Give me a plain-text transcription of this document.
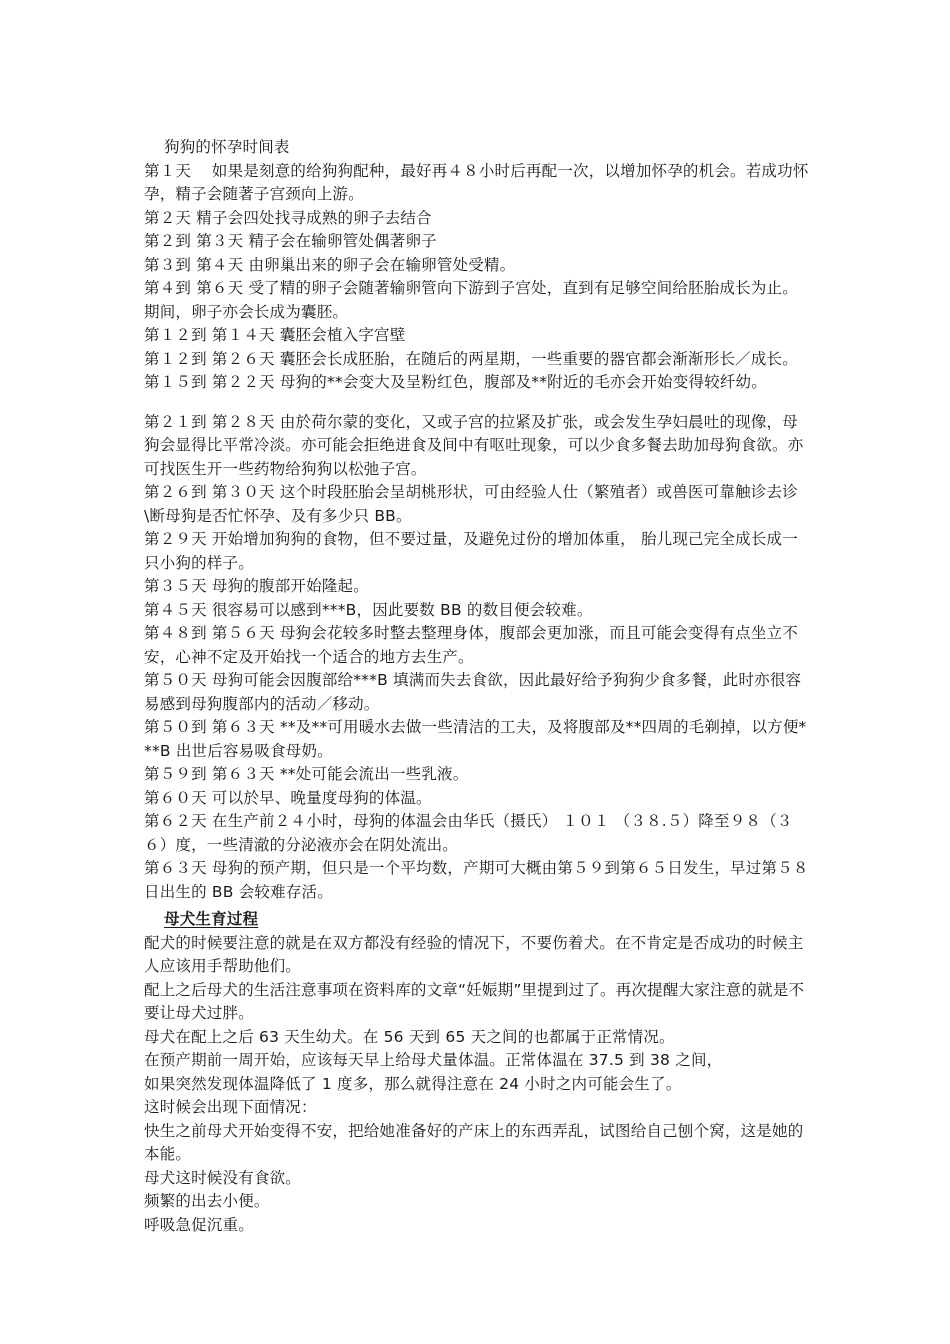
狗狗的怀孕时间表
第１天　 如果是刻意的给狗狗配种，最好再４８小时后再配一次，以增加怀孕的机会。若成功怀孕，精子会随著子宫颈向上游。
第２天 精子会四处找寻成熟的卵子去结合
第２到 第３天 精子会在输卵管处偶著卵子
第３到 第４天 由卵巢出来的卵子会在输卵管处受精。
第４到 第６天 受了精的卵子会随著输卵管向下游到子宫处，直到有足够空间给胚胎成长为止。期间，卵子亦会长成为囊胚。
第１２到 第１４天 囊胚会植入字宫壁
第１２到 第２６天 囊胚会长成胚胎，在随后的两星期，一些重要的器官都会渐渐形长／成长。
第１５到 第２２天 母狗的**会变大及呈粉红色，腹部及**附近的毛亦会开始变得较纤幼。
第２１到 第２８天 由於荷尔蒙的变化，又或子宫的拉紧及扩张，或会发生孕妇晨吐的现像，母狗会显得比平常冷淡。亦可能会拒绝进食及间中有呕吐现象，可以少食多餐去助加母狗食欲。亦可找医生开一些药物给狗狗以松弛子宫。
第２６到 第３０天 这个时段胚胎会呈胡桃形状，可由经验人仕（繁殖者）或兽医可靠触诊去诊\断母狗是否忙怀孕、及有多少只 BB。
第２９天 开始增加狗狗的食物，但不要过量，及避免过份的增加体重， 胎儿现己完全成长成一只小狗的样子。
第３５天 母狗的腹部开始隆起。
第４５天 很容易可以感到***B，因此要数 BB 的数目便会较难。
第４８到 第５６天 母狗会花较多时整去整理身体，腹部会更加涨，而且可能会变得有点坐立不安，心神不定及开始找一个适合的地方去生产。
第５０天 母狗可能会因腹部给***B 填满而失去食欲，因此最好给予狗狗少食多餐，此时亦很容易感到母狗腹部内的活动／移动。
第５０到 第６３天 **及**可用暖水去做一些清洁的工夫，及将腹部及**四周的毛剃掉，以方便***B 出世后容易吸食母奶。
第５９到 第６３天 **处可能会流出一些乳液。
第６０天 可以於早、晚量度母狗的体温。
第６２天 在生产前２４小时，母狗的体温会由华氏（摄氏） １０１ （３８.５）降至９８（３６）度，一些清澈的分泌液亦会在阴处流出。
第６３天 母狗的预产期，但只是一个平均数，产期可大概由第５９到第６５日发生，早过第５８日出生的 BB 会较难存活。
母犬生育过程
配犬的时候要注意的就是在双方都没有经验的情况下，不要伤着犬。在不肯定是否成功的时候主人应该用手帮助他们。
配上之后母犬的生活注意事项在资料库的文章“妊娠期”里提到过了。再次提醒大家注意的就是不要让母犬过胖。
母犬在配上之后 63 天生幼犬。在 56 天到 65 天之间的也都属于正常情况。
在预产期前一周开始，应该每天早上给母犬量体温。正常体温在 37.5 到 38 之间，
如果突然发现体温降低了 1 度多，那么就得注意在 24 小时之内可能会生了。
这时候会出现下面情况：
快生之前母犬开始变得不安，把给她准备好的产床上的东西弄乱，试图给自己刨个窝，这是她的本能。
母犬这时候没有食欲。
频繁的出去小便。
呼吸急促沉重。
